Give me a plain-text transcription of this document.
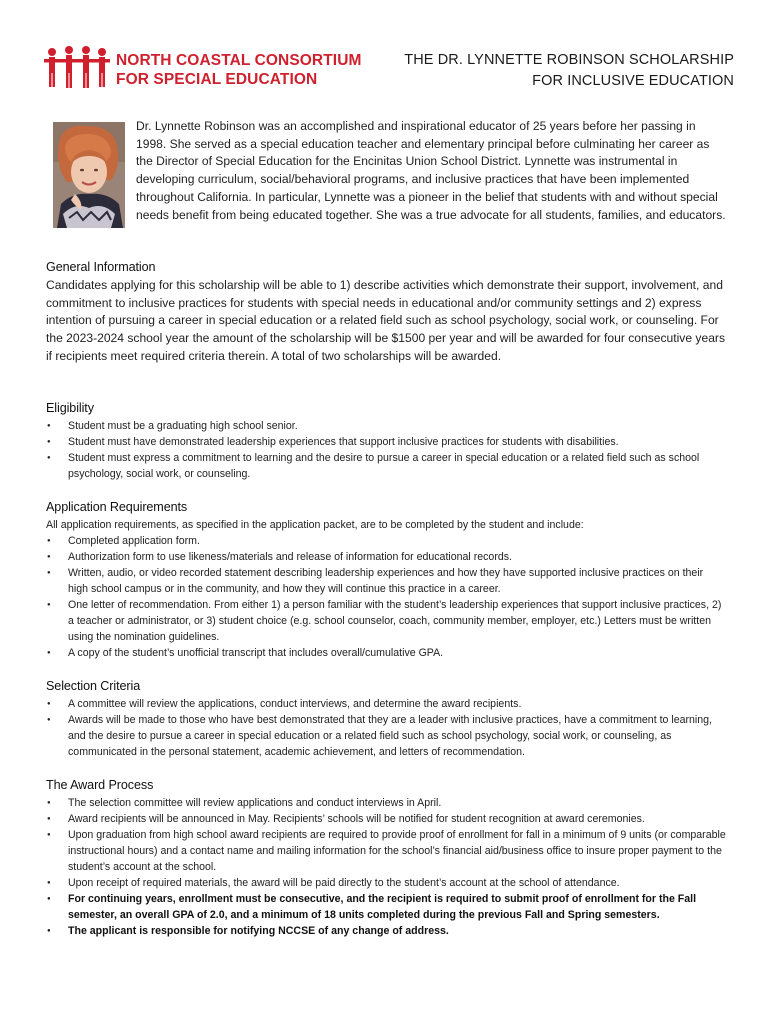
NORTH COASTAL CONSORTIUM
FOR SPECIAL EDUCATION
THE DR. LYNNETTE ROBINSON SCHOLARSHIP
FOR INCLUSIVE EDUCATION

Dr. Lynnette Robinson was an accomplished and inspirational educator of 25 years before her passing in 1998. She served as a special education teacher and elementary principal before culminating her career as the Director of Special Education for the Encinitas Union School District. Lynnette was instrumental in developing curriculum, social/behavioral programs, and inclusive practices that have been implemented throughout California. In particular, Lynnette was a pioneer in the belief that students with and without special needs benefit from being educated together. She was a true advocate for all students, families, and educators.

General Information

Candidates applying for this scholarship will be able to 1) describe activities which demonstrate their support, involvement, and commitment to inclusive practices for students with special needs in educational and/or community settings and 2) express intention of pursuing a career in special education or a related field such as school psychology, social work, or counseling. For the 2023-2024 school year the amount of the scholarship will be $1500 per year and will be awarded for four consecutive years if recipients meet required criteria therein. A total of two scholarships will be awarded.

Eligibility
● Student must be a graduating high school senior.
● Student must have demonstrated leadership experiences that support inclusive practices for students with disabilities.
● Student must express a commitment to learning and the desire to pursue a career in special education or a related field such as school psychology, social work, or counseling.
Application Requirements

All application requirements, as specified in the application packet, are to be completed by the student and include:

● Completed application form.
● Authorization form to use likeness/materials and release of information for educational records.
● Written, audio, or video recorded statement describing leadership experiences and how they have supported inclusive practices on their high school campus or in the community, and how they will continue this practice in a career.
● One letter of recommendation. From either 1) a person familiar with the student’s leadership experiences that support inclusive practices, 2) a teacher or administrator, or 3) student choice (e.g. school counselor, coach, community member, employer, etc.) Letters must be written using the nomination guidelines.
● A copy of the student’s unofficial transcript that includes overall/cumulative GPA.
Selection Criteria
● A committee will review the applications, conduct interviews, and determine the award recipients.
● Awards will be made to those who have best demonstrated that they are a leader with inclusive practices, have a commitment to learning, and the desire to pursue a career in special education or a related field such as school psychology, social work, or counseling, as communicated in the personal statement, academic achievement, and letters of recommendation.
The Award Process
● The selection committee will review applications and conduct interviews in April.
● Award recipients will be announced in May. Recipients’ schools will be notified for student recognition at award ceremonies.
● Upon graduation from high school award recipients are required to provide proof of enrollment for fall in a minimum of 9 units (or comparable instructional hours) and a contact name and mailing information for the school’s financial aid/business office to insure proper payment to the student’s account at the school.
● Upon receipt of required materials, the award will be paid directly to the student’s account at the school of attendance.
● For continuing years, enrollment must be consecutive, and the recipient is required to submit proof of enrollment for the Fall semester, an overall GPA of 2.0, and a minimum of 18 units completed during the previous Fall and Spring semesters.
● The applicant is responsible for notifying NCCSE of any change of address.
